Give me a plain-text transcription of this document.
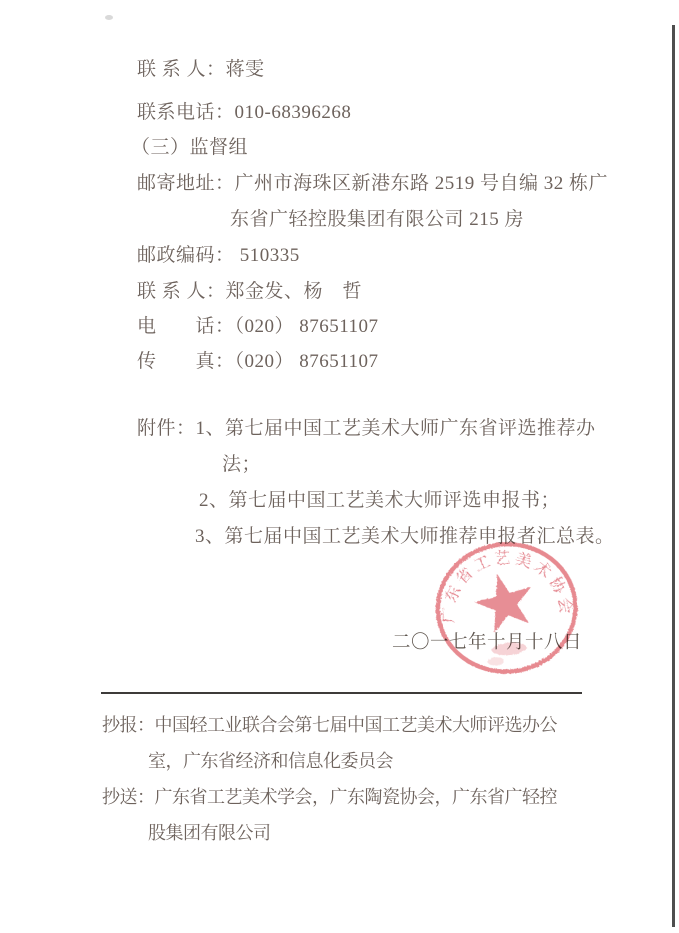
联 系 人：蒋雯
联系电话：010-68396268
（三）监督组
邮寄地址：广州市海珠区新港东路 2519 号自编 32 栋广
东省广轻控股集团有限公司 215 房
邮政编码： 510335
联 系 人：郑金发、杨　哲
电　　话：（020） 87651107
传　　真：（020） 87651107
附件：1、第七届中国工艺美术大师广东省评选推荐办
法；
2、第七届中国工艺美术大师评选申报书；
3、第七届中国工艺美术大师推荐申报者汇总表。
二〇一七年十月十八日
广东省工艺美术协会
抄报：中国轻工业联合会第七届中国工艺美术大师评选办公
室，广东省经济和信息化委员会
抄送：广东省工艺美术学会，广东陶瓷协会，广东省广轻控
股集团有限公司
